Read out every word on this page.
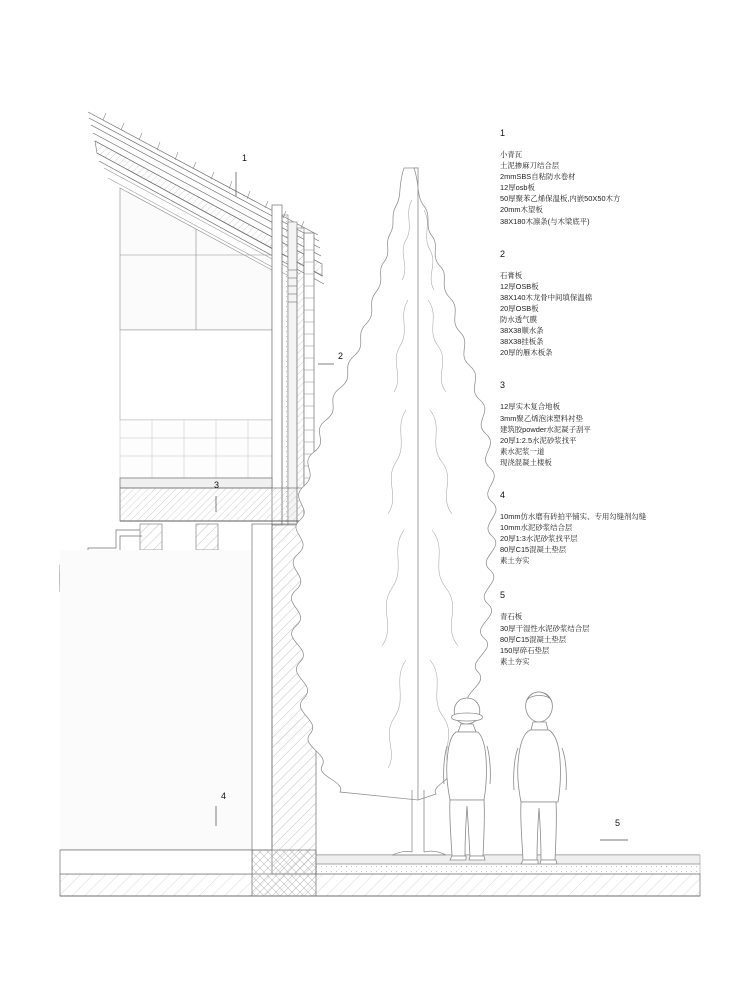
1
2
3
4
5
1
小青瓦
土泥掺麻刀结合层
2mmSBS自粘防水卷材
12厚osb板
50厚聚苯乙烯保温板,内嵌50X50木方
20mm木望板
38X180木凛条(与木梁底平)
2
石膏板
12厚OSB板
38X140木龙骨中间填保温棉
20厚OSB板
防水透气膜
38X38顺水条
38X38挂板条
20厚的雁木板条
3
12厚实木复合地板
3mm聚乙烯泡沫塑料衬垫
建筑胶powder水泥凝子刮平
20厚1:2.5水泥砂浆找平
素水泥浆一道
现浇混凝土楼板
4
10mm仿水磨有砖拍平铺实、专用勾缝剂勾缝
10mm水泥砂浆结合层
20厚1:3水泥砂浆找平层
80厚C15混凝土垫层
素土夯实
5
青石板
30厚干湿性水泥砂浆结合层
80厚C15混凝土垫层
150厚碎石垫层
素土夯实
